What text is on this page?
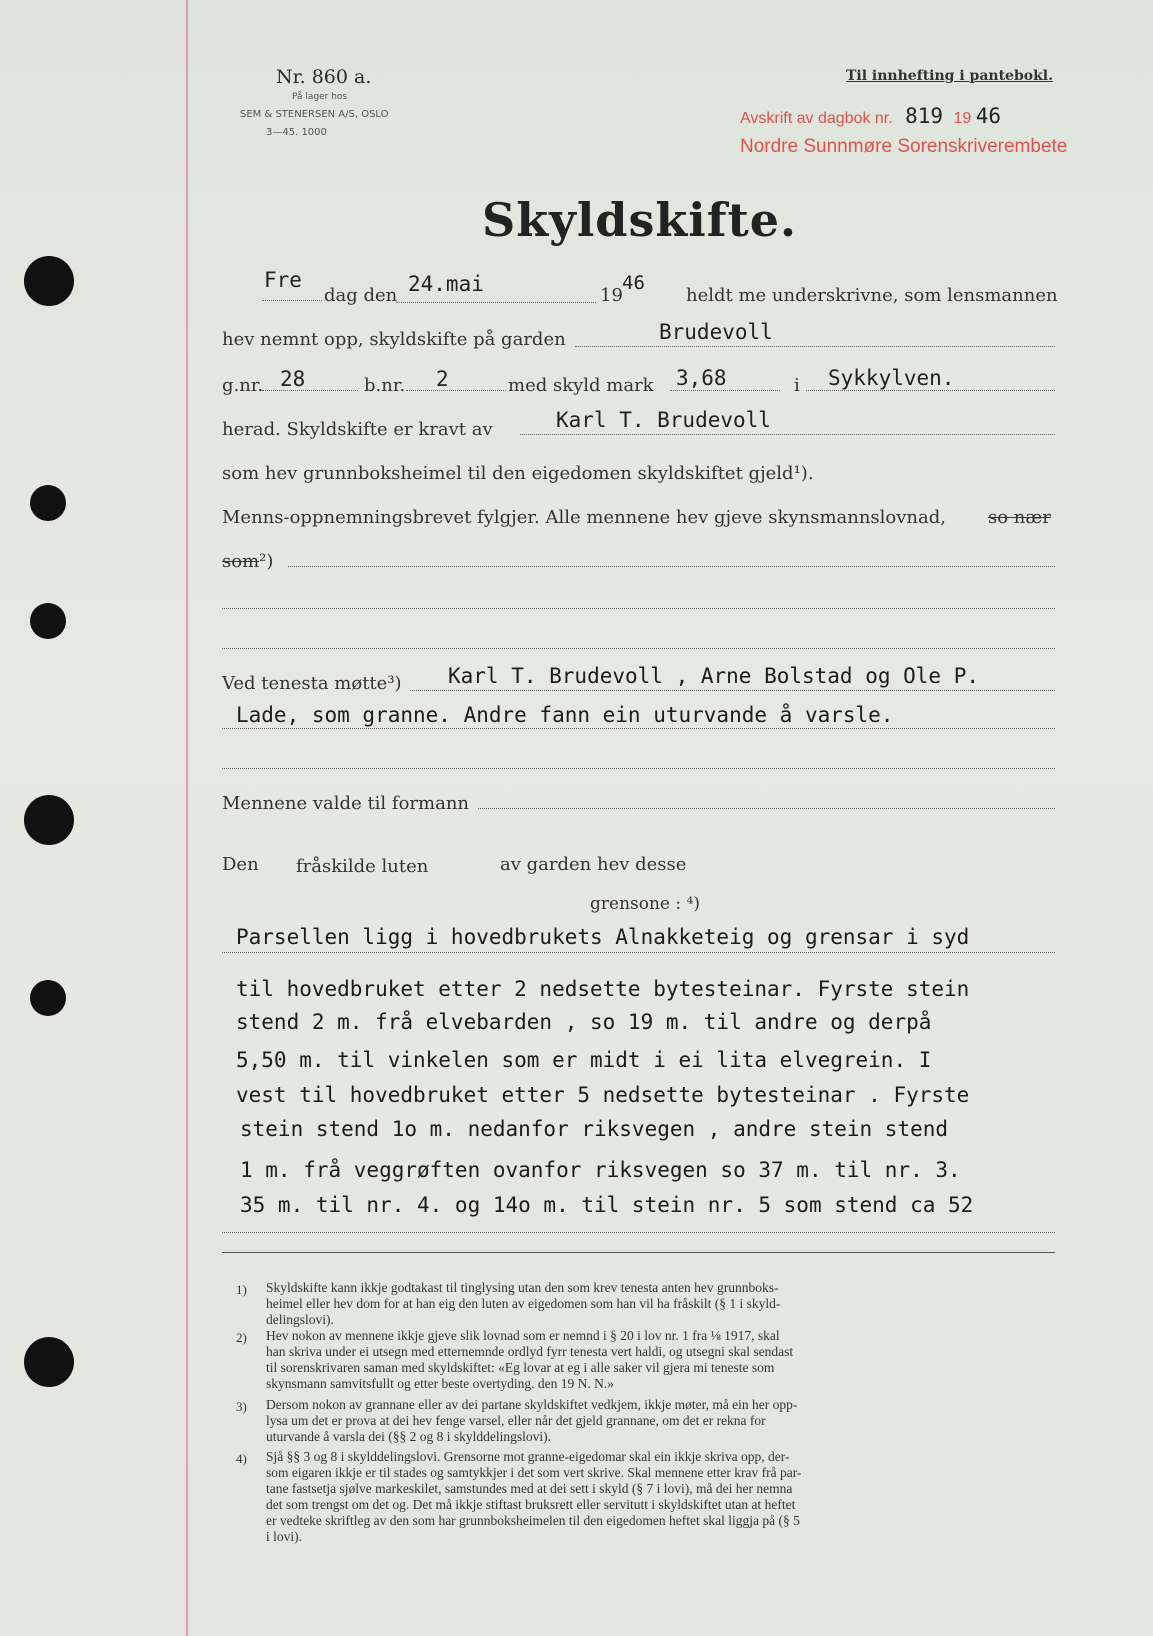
Nr. 860 a.
På lager hos
SEM & STENERSEN A/S, OSLO
3—45. 1000
Til innhefting i pantebokl.
Avskrift av dagbok nr. 819 19 46
Nordre Sunnmøre Sorenskriverembete
Skyldskifte.
Fre
dag den 24.mai	19
46
heldt me underskrivne, som lensmannen
hev nemnt opp, skyldskifte på garden	Brudevoll
g.nr. 28	b.nr. 2	med skyld mark 3,68	i Sykkylven.
herad. Skyldskifte er kravt av	Karl T. Brudevoll
som hev grunnboksheimel til den eigedomen skyldskiftet gjeld¹).
Menns-oppnemningsbrevet fylgjer. Alle mennene hev gjeve skynsmannslovnad, so nær
som²)
Ved tenesta møtte³) Karl T. Brudevoll , Arne Bolstad og Ole P.
Lade, som granne. Andre fann ein uturvande å varsle.
Mennene valde til formann
Den fråskilde luten	av garden hev desse
grensone : ⁴)
Parsellen ligg i hovedbrukets Alnakketeig og grensar i syd
til hovedbruket etter 2 nedsette bytesteinar. Fyrste stein
stend 2 m. frå elvebarden , so 19 m. til andre og derpå
5,50 m. til vinkelen som er midt i ei lita elvegrein. I
vest til hovedbruket etter 5 nedsette bytesteinar . Fyrste
stein stend 1o m. nedanfor riksvegen , andre stein stend
1 m. frå veggrøften ovanfor riksvegen so 37 m. til nr. 3.
35 m. til nr. 4. og 14o m. til stein nr. 5 som stend ca 52
1) Skyldskifte kann ikkje godtakast til tinglysing utan den som krev tenesta anten hev grunnboks-
heimel eller hev dom for at han eig den luten av eigedomen som han vil ha fråskilt (§ 1 i skyld-
delingslovi).
2) Hev nokon av mennene ikkje gjeve slik lovnad som er nemnd i § 20 i lov nr. 1 fra ⅛ 1917, skal
han skriva under ei utsegn med etternemnde ordlyd fyrr tenesta vert haldi, og utsegni skal sendast
til sorenskrivaren saman med skyldskiftet: «Eg lovar at eg i alle saker vil gjera mi teneste som
skynsmann samvitsfullt og etter beste overtyding. den 19 N. N.»
3) Dersom nokon av grannane eller av dei partane skyldskiftet vedkjem, ikkje møter, må ein her opp-
lysa um det er prova at dei hev fenge varsel, eller når det gjeld grannane, om det er rekna for
uturvande å varsla dei (§§ 2 og 8 i skylddelingslovi).
4) Sjå §§ 3 og 8 i skylddelingslovi. Grensorne mot granne-eigedomar skal ein ikkje skriva opp, der-
som eigaren ikkje er til stades og samtykkjer i det som vert skrive. Skal mennene etter krav frå par-
tane fastsetja sjølve markeskilet, samstundes med at dei sett i skyld (§ 7 i lovi), må dei her nemna
det som trengst om det og. Det må ikkje stiftast bruksrett eller servitutt i skyldskiftet utan at heftet
er vedteke skriftleg av den som har grunnboksheimelen til den eigedomen heftet skal liggja på (§ 5
i lovi).
